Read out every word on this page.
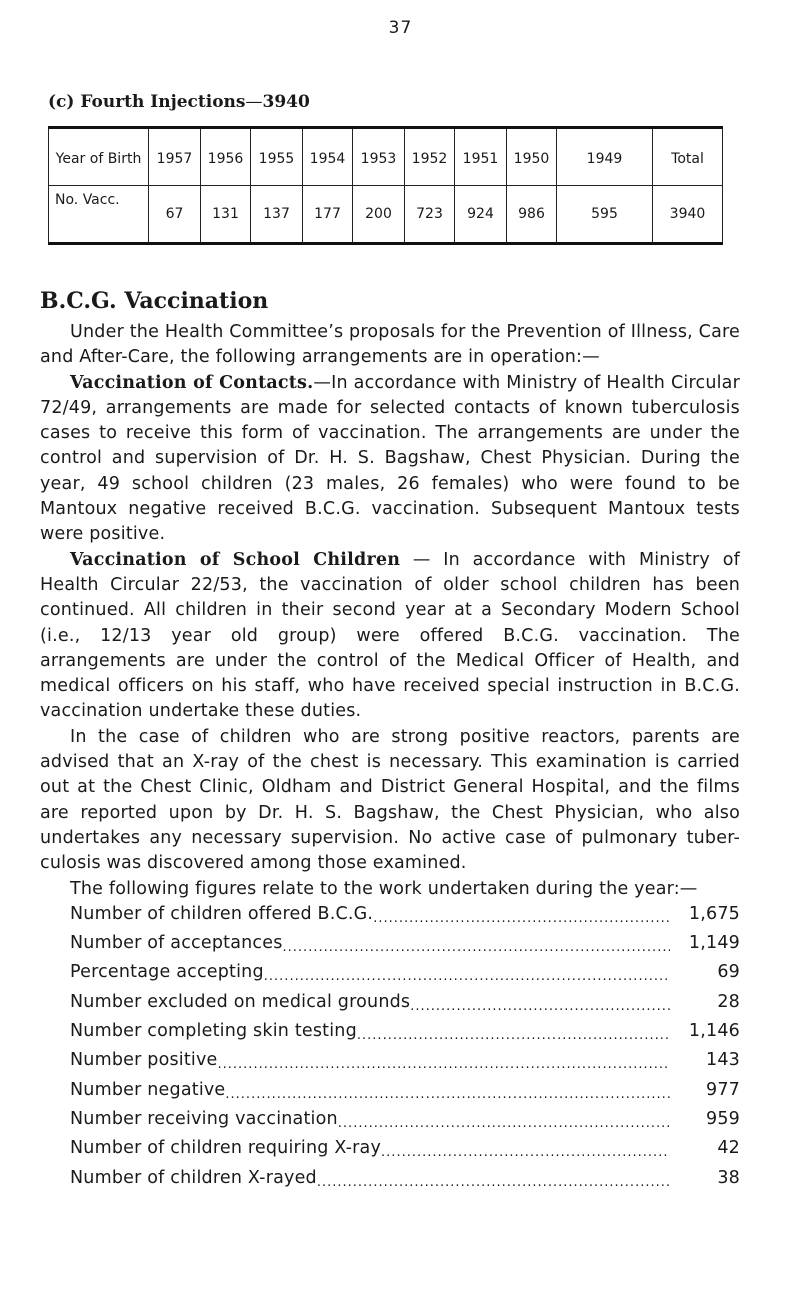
37
(c) Fourth Injections—3940
Year of Birth	1957	1956	1955	1954	1953	1952	1951	1950	1949	Total
No. Vacc.	67	131	137	177	200	723	924	986	595	3940
B.C.G. Vaccination

Under the Health Committee’s proposals for the Prevention of Illness, Care and After-Care, the following arrangements are in operation:—

Vaccination of Contacts.—In accordance with Ministry of Health Circular 72/49, arrangements are made for selected contacts of known tuberculosis cases to receive this form of vaccination. The arrangements are under the control and supervision of Dr. H. S. Bagshaw, Chest Physician. During the year, 49 school children (23 males, 26 females) who were found to be Mantoux negative received B.C.G. vaccination. Subsequent Mantoux tests were positive.

Vaccination of School Children — In accordance with Ministry of Health Circular 22/53, the vaccination of older school children has been continued. All children in their second year at a Secondary Modern School (i.e., 12/13 year old group) were offered B.C.G. vaccination. The arrangements are under the control of the Medical Officer of Health, and medical officers on his staff, who have received special instruction in B.C.G. vaccination undertake these duties.

In the case of children who are strong positive reactors, parents are advised that an X-ray of the chest is necessary. This examination is carried out at the Chest Clinic, Oldham and District General Hospital, and the films are reported upon by Dr. H. S. Bagshaw, the Chest Physician, who also undertakes any necessary supervision. No active case of pulmonary tuber-culosis was discovered among those examined.

The following figures relate to the work undertaken during the year:—

Number of children offered B.C.G. .....	1,675
Number of acceptances .....	1,149
Percentage accepting .....	69
Number excluded on medical grounds .....	28
Number completing skin testing .....	1,146
Number positive .....	143
Number negative .....	977
Number receiving vaccination .....	959
Number of children requiring X-ray .....	42
Number of children X-rayed .....	38
